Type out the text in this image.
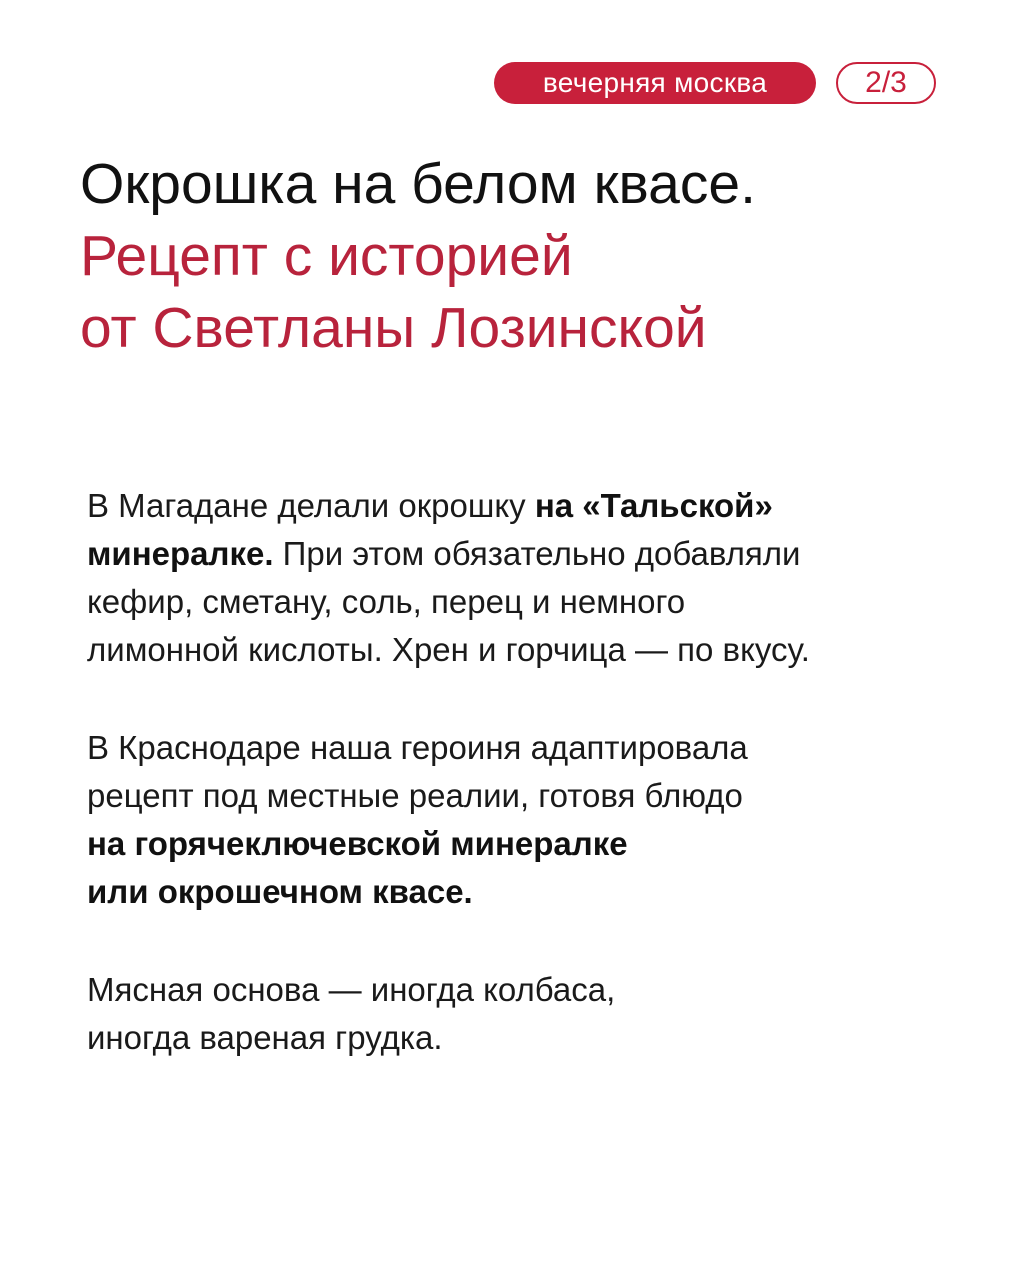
вечерняя москва	2/3
Окрошка на белом квасе.
Рецепт с историей
от Светланы Лозинской

В Магадане делали окрошку на «Тальской»
минералке. При этом обязательно добавляли
кефир, сметану, соль, перец и немного
лимонной кислоты. Хрен и горчица — по вкусу.

В Краснодаре наша героиня адаптировала
рецепт под местные реалии, готовя блюдо
на горячеключевской минералке
или окрошечном квасе.

Мясная основа — иногда колбаса,
иногда вареная грудка.
